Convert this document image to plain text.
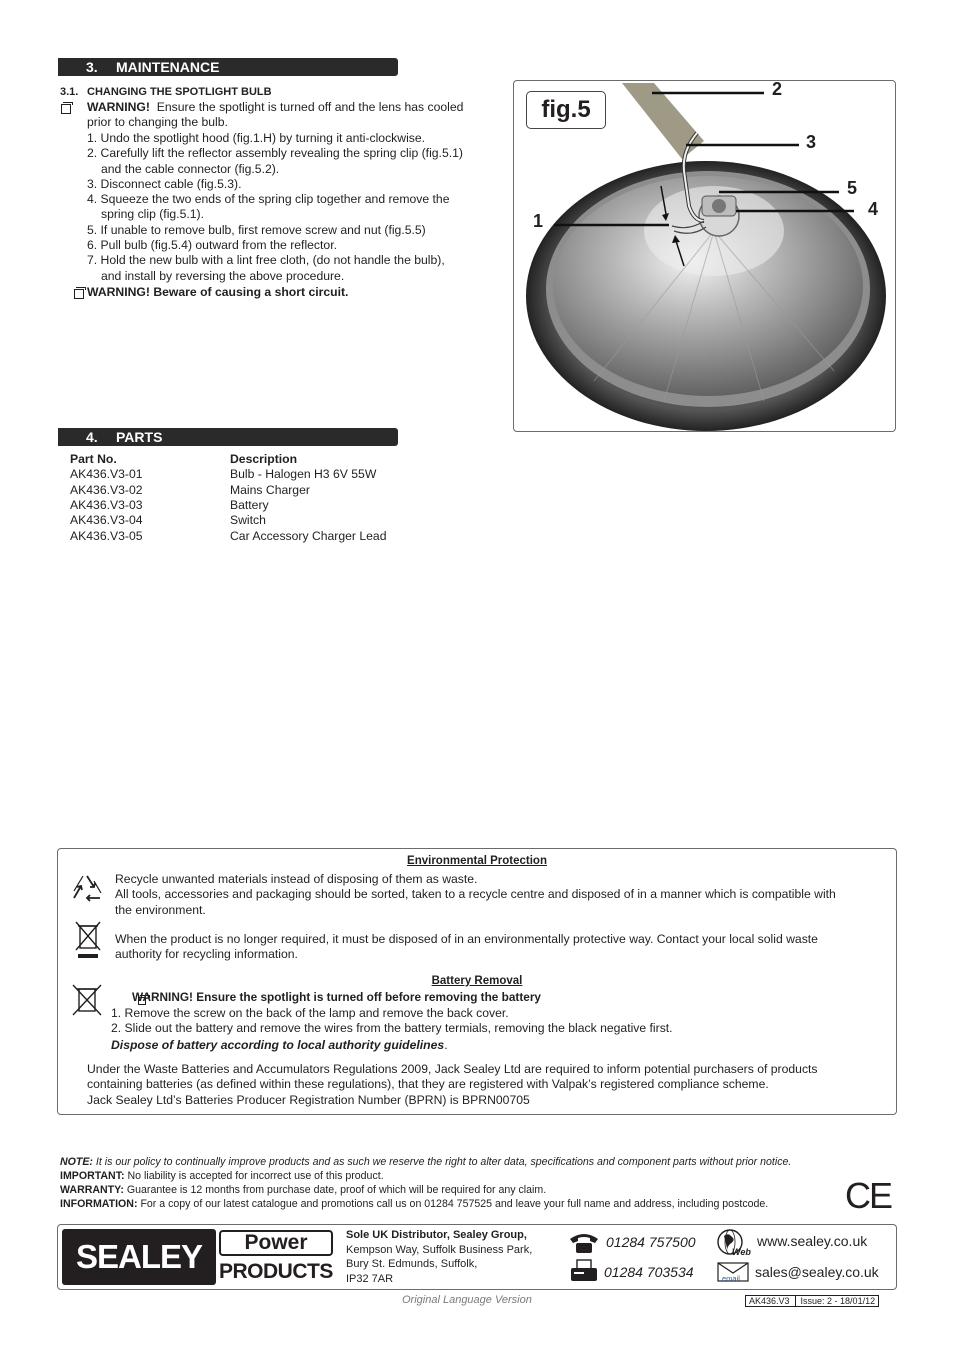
3. MAINTENANCE
3.1. CHANGING THE SPOTLIGHT BULB

WARNING! Ensure the spotlight is turned off and the lens has cooled
prior to changing the bulb.
1. Undo the spotlight hood (fig.1.H) by turning it anti-clockwise.
2. Carefully lift the reflector assembly revealing the spring clip (fig.5.1)
and the cable connector (fig.5.2).
3. Disconnect cable (fig.5.3).
4. Squeeze the two ends of the spring clip together and remove the
spring clip (fig.5.1).
5. If unable to remove bulb, first remove screw and nut (fig.5.5)
6. Pull bulb (fig.5.4) outward from the reflector.
7. Hold the new bulb with a lint free cloth, (do not handle the bulb),
and install by reversing the above procedure.

WARNING! Beware of causing a short circuit.
fig.5
2
3
5
4
1
4. PARTS
Part No.	Description
AK436.V3-01	Bulb - Halogen H3 6V 55W
AK436.V3-02	Mains Charger
AK436.V3-03	Battery
AK436.V3-04	Switch
AK436.V3-05	Car Accessory Charger Lead
Environmental Protection
Recycle unwanted materials instead of disposing of them as waste.
All tools, accessories and packaging should be sorted, taken to a recycle centre and disposed of in a manner which is compatible with
the environment.
When the product is no longer required, it must be disposed of in an environmentally protective way. Contact your local solid waste
authority for recycling information.
Battery Removal
WARNING! Ensure the spotlight is turned off before removing the battery
1. Remove the screw on the back of the lamp and remove the back cover.
2. Slide out the battery and remove the wires from the battery termials, removing the black negative first.
Dispose of battery according to local authority guidelines.
Under the Waste Batteries and Accumulators Regulations 2009, Jack Sealey Ltd are required to inform potential purchasers of products
containing batteries (as defined within these regulations), that they are registered with Valpak’s registered compliance scheme.
Jack Sealey Ltd’s Batteries Producer Registration Number (BPRN) is BPRN00705
NOTE: It is our policy to continually improve products and as such we reserve the right to alter data, specifications and component parts without prior notice.
IMPORTANT: No liability is accepted for incorrect use of this product.
WARRANTY: Guarantee is 12 months from purchase date, proof of which will be required for any claim.
INFORMATION: For a copy of our latest catalogue and promotions call us on 01284 757525 and leave your full name and address, including postcode.	CE
SEALEY	Power
PRODUCTS
Sole UK Distributor, Sealey Group,
Kempson Way, Suffolk Business Park,
Bury St. Edmunds, Suffolk,
IP32 7AR
01284 757500
01284 703534
Web
www.sealey.co.uk
email sales@sealey.co.uk
Original Language Version	AK436.V3 Issue: 2 - 18/01/12
